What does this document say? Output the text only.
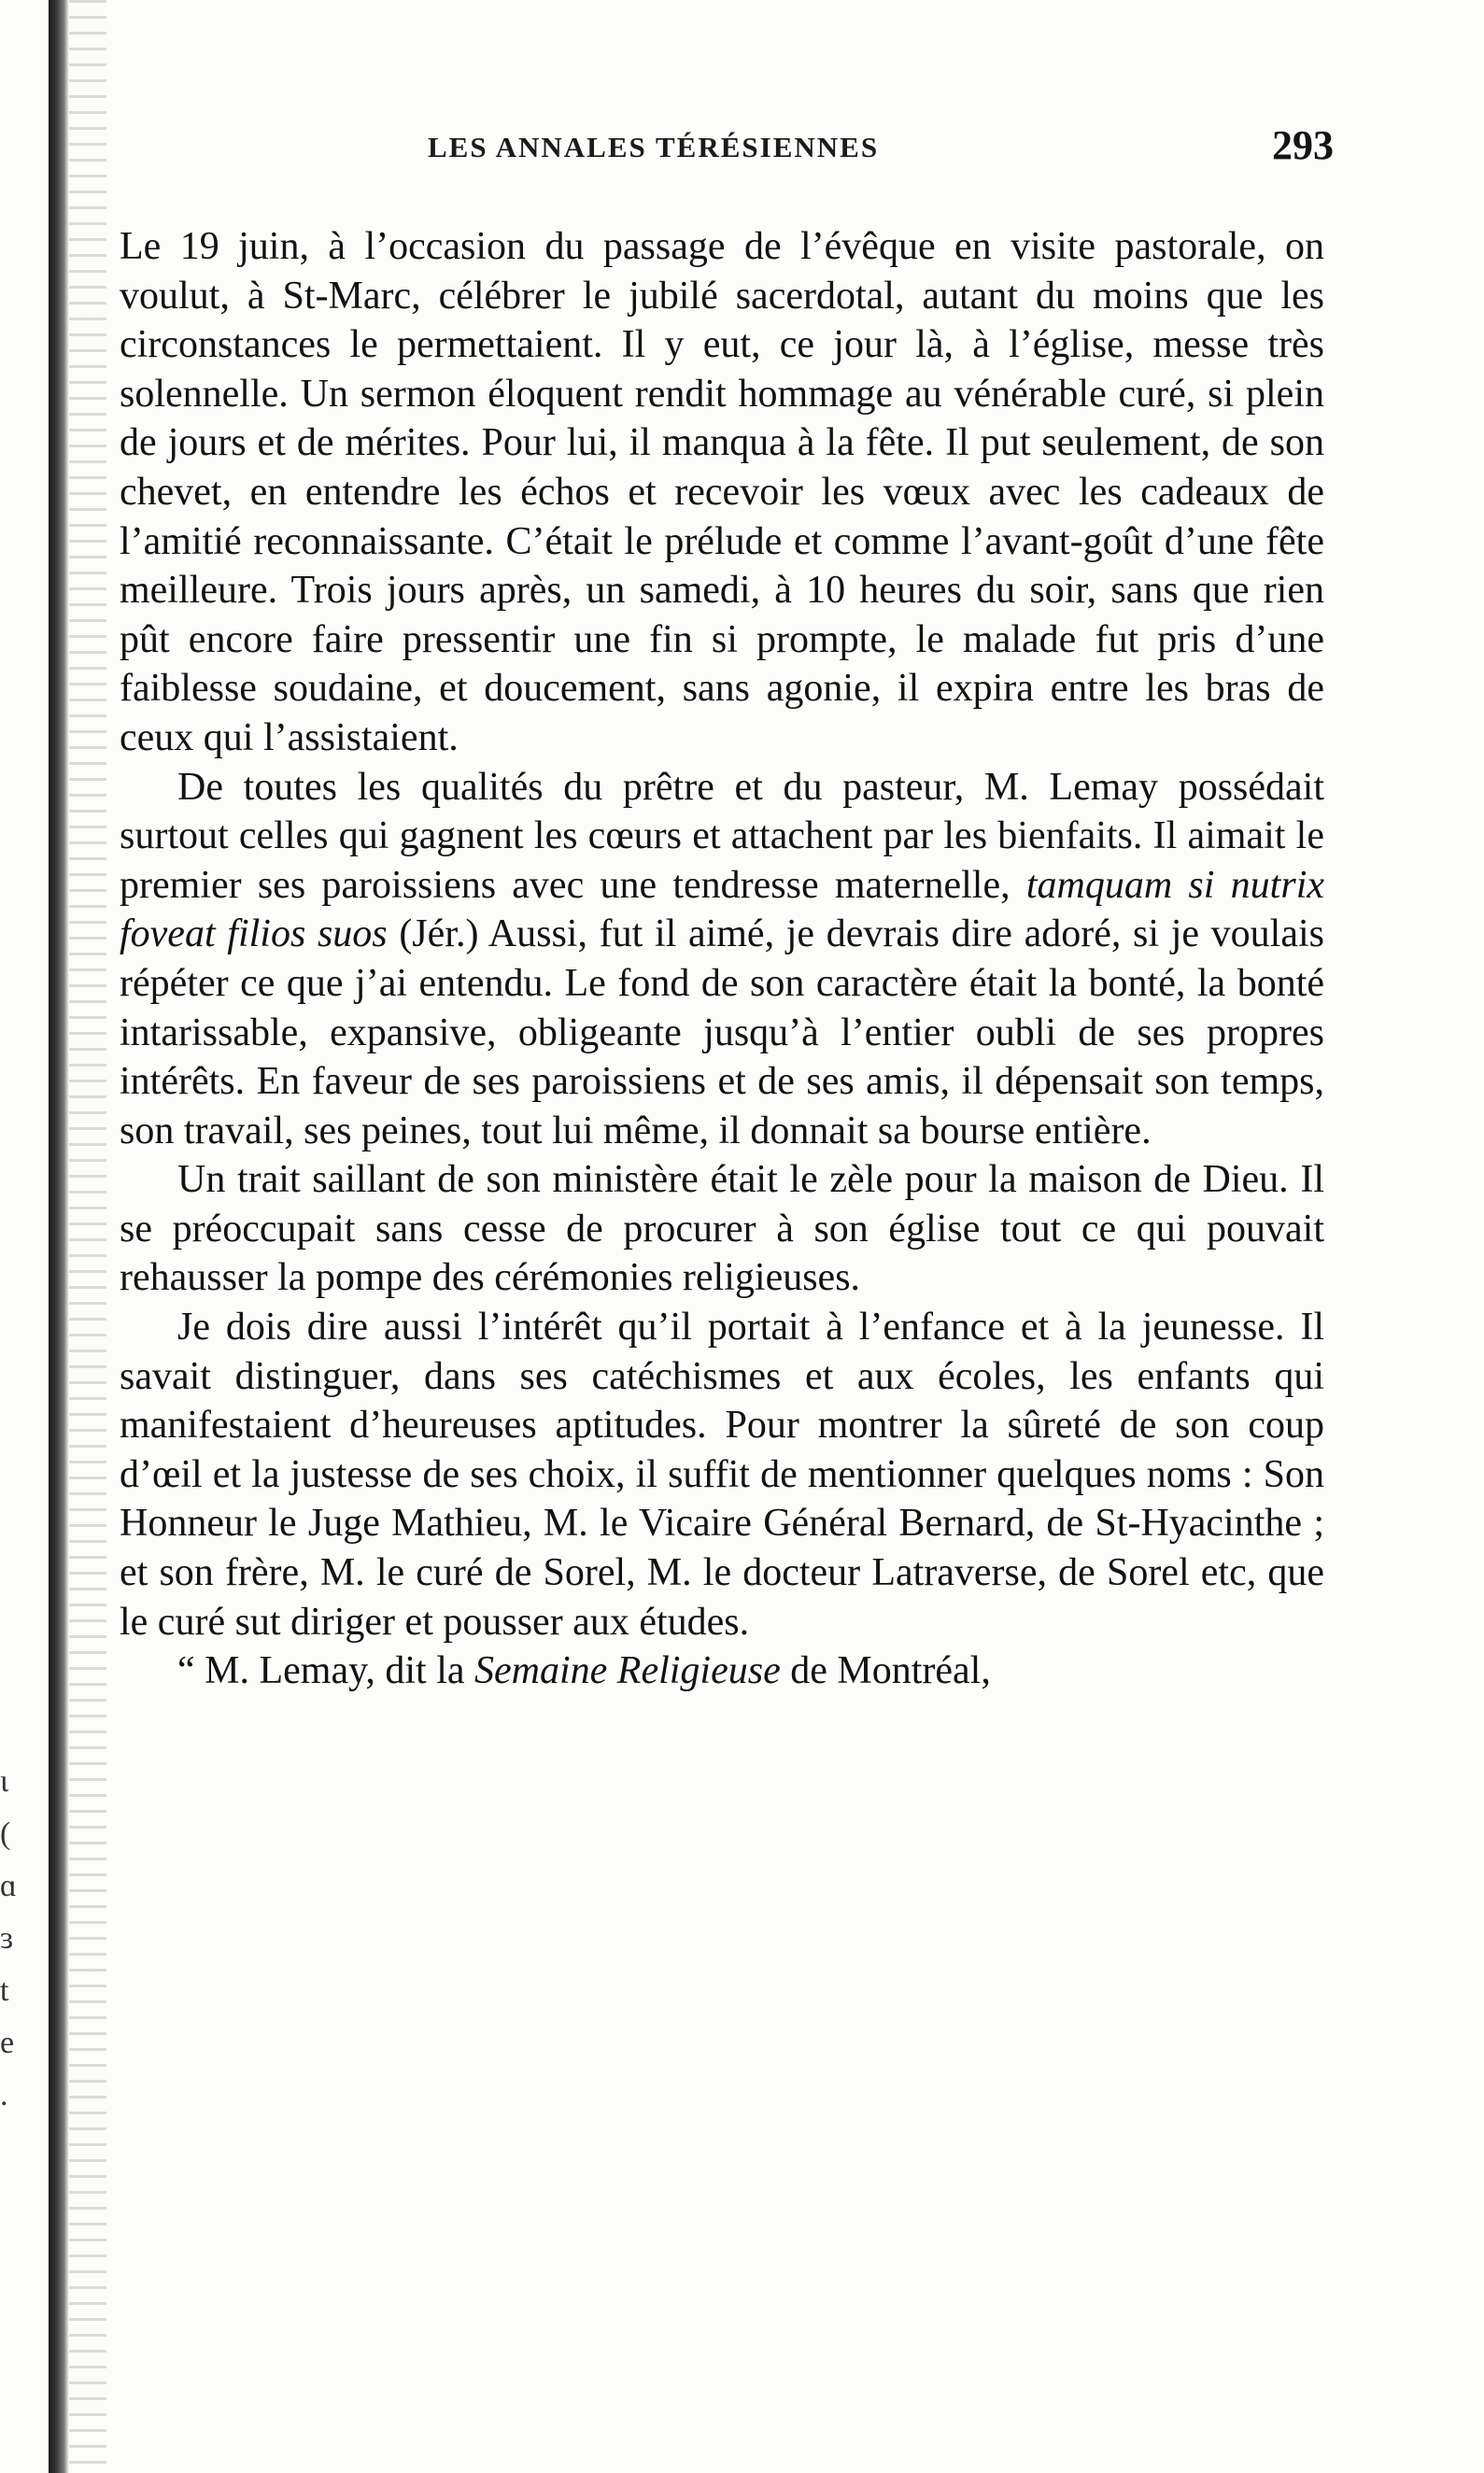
ɩ
(
ɑ
ɜ
t
e
.
LES ANNALES TÉRÉSIENNES	293

Le 19 juin, à l’occasion du passage de l’évêque en visite pastorale, on voulut, à St-Marc, célébrer le jubilé sacerdotal, autant du moins que les circonstances le permettaient. Il y eut, ce jour là, à l’église, messe très solennelle. Un sermon éloquent rendit hommage au vénérable curé, si plein de jours et de mérites. Pour lui, il manqua à la fête. Il put seulement, de son chevet, en entendre les échos et recevoir les vœux avec les cadeaux de l’amitié reconnaissante. C’était le prélude et comme l’avant-goût d’une fête meilleure. Trois jours après, un samedi, à 10 heures du soir, sans que rien pût encore faire pressentir une fin si prompte, le malade fut pris d’une faiblesse soudaine, et doucement, sans agonie, il expira entre les bras de ceux qui l’assistaient.

De toutes les qualités du prêtre et du pasteur, M. Lemay possédait surtout celles qui gagnent les cœurs et attachent par les bienfaits. Il aimait le premier ses paroissiens avec une tendresse maternelle, tamquam si nutrix foveat filios suos (Jér.) Aussi, fut il aimé, je devrais dire adoré, si je voulais répéter ce que j’ai entendu. Le fond de son caractère était la bonté, la bonté intarissable, expansive, obligeante jusqu’à l’entier oubli de ses propres intérêts. En faveur de ses paroissiens et de ses amis, il dépensait son temps, son travail, ses peines, tout lui même, il donnait sa bourse entière.

Un trait saillant de son ministère était le zèle pour la maison de Dieu. Il se préoccupait sans cesse de procurer à son église tout ce qui pouvait rehausser la pompe des cérémonies religieuses.

Je dois dire aussi l’intérêt qu’il portait à l’enfance et à la jeunesse. Il savait distinguer, dans ses catéchismes et aux écoles, les enfants qui manifestaient d’heureuses aptitudes. Pour montrer la sûreté de son coup d’œil et la justesse de ses choix, il suffit de mentionner quelques noms : Son Honneur le Juge Mathieu, M. le Vicaire Général Bernard, de St-Hyacinthe ; et son frère, M. le curé de Sorel, M. le docteur Latraverse, de Sorel etc, que le curé sut diriger et pousser aux études.

“ M. Lemay, dit la Semaine Religieuse de Montréal,
